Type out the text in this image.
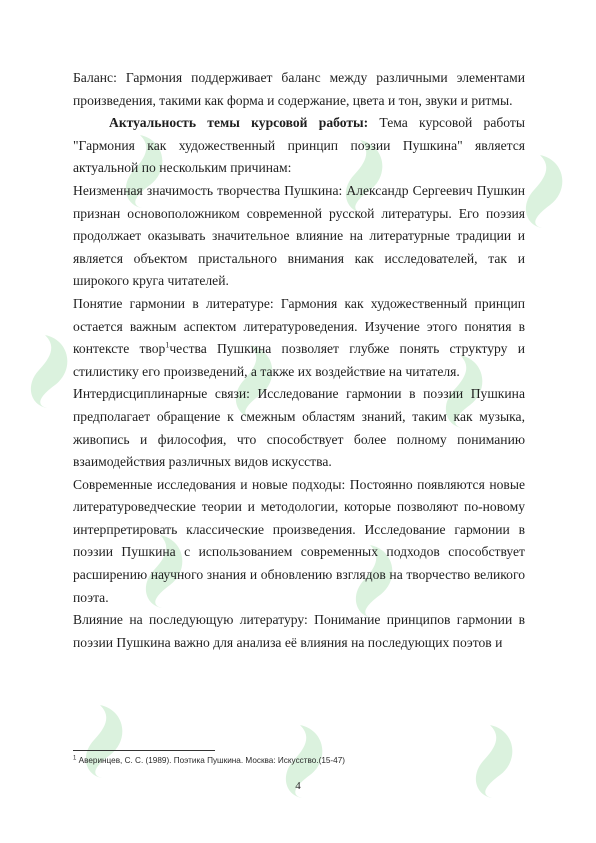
Баланс: Гармония поддерживает баланс между различными элементами произведения, такими как форма и содержание, цвета и тон, звуки и ритмы.

Актуальность темы курсовой работы: Тема курсовой работы "Гармония как художественный принцип поэзии Пушкина" является актуальной по нескольким причинам:

Неизменная значимость творчества Пушкина: Александр Сергеевич Пушкин признан основоположником современной русской литературы. Его поэзия продолжает оказывать значительное влияние на литературные традиции и является объектом пристального внимания как исследователей, так и широкого круга читателей.

Понятие гармонии в литературе: Гармония как художественный принцип остается важным аспектом литературоведения. Изучение этого понятия в контексте твор$^1$чества Пушкина позволяет глубже понять структуру и стилистику его произведений, а также их воздействие на читателя.

Интердисциплинарные связи: Исследование гармонии в поэзии Пушкина предполагает обращение к смежным областям знаний, таким как музыка, живопись и философия, что способствует более полному пониманию взаимодействия различных видов искусства.

Современные исследования и новые подходы: Постоянно появляются новые литературоведческие теории и методологии, которые позволяют по-новому интерпретировать классические произведения. Исследование гармонии в поэзии Пушкина с использованием современных подходов способствует расширению научного знания и обновлению взглядов на творчество великого поэта.

Влияние на последующую литературу: Понимание принципов гармонии в поэзии Пушкина важно для анализа её влияния на последующих поэтов и

$^1$ Аверинцев, С. С. (1989). Поэтика Пушкина. Москва: Искусство.(15-47)
4
